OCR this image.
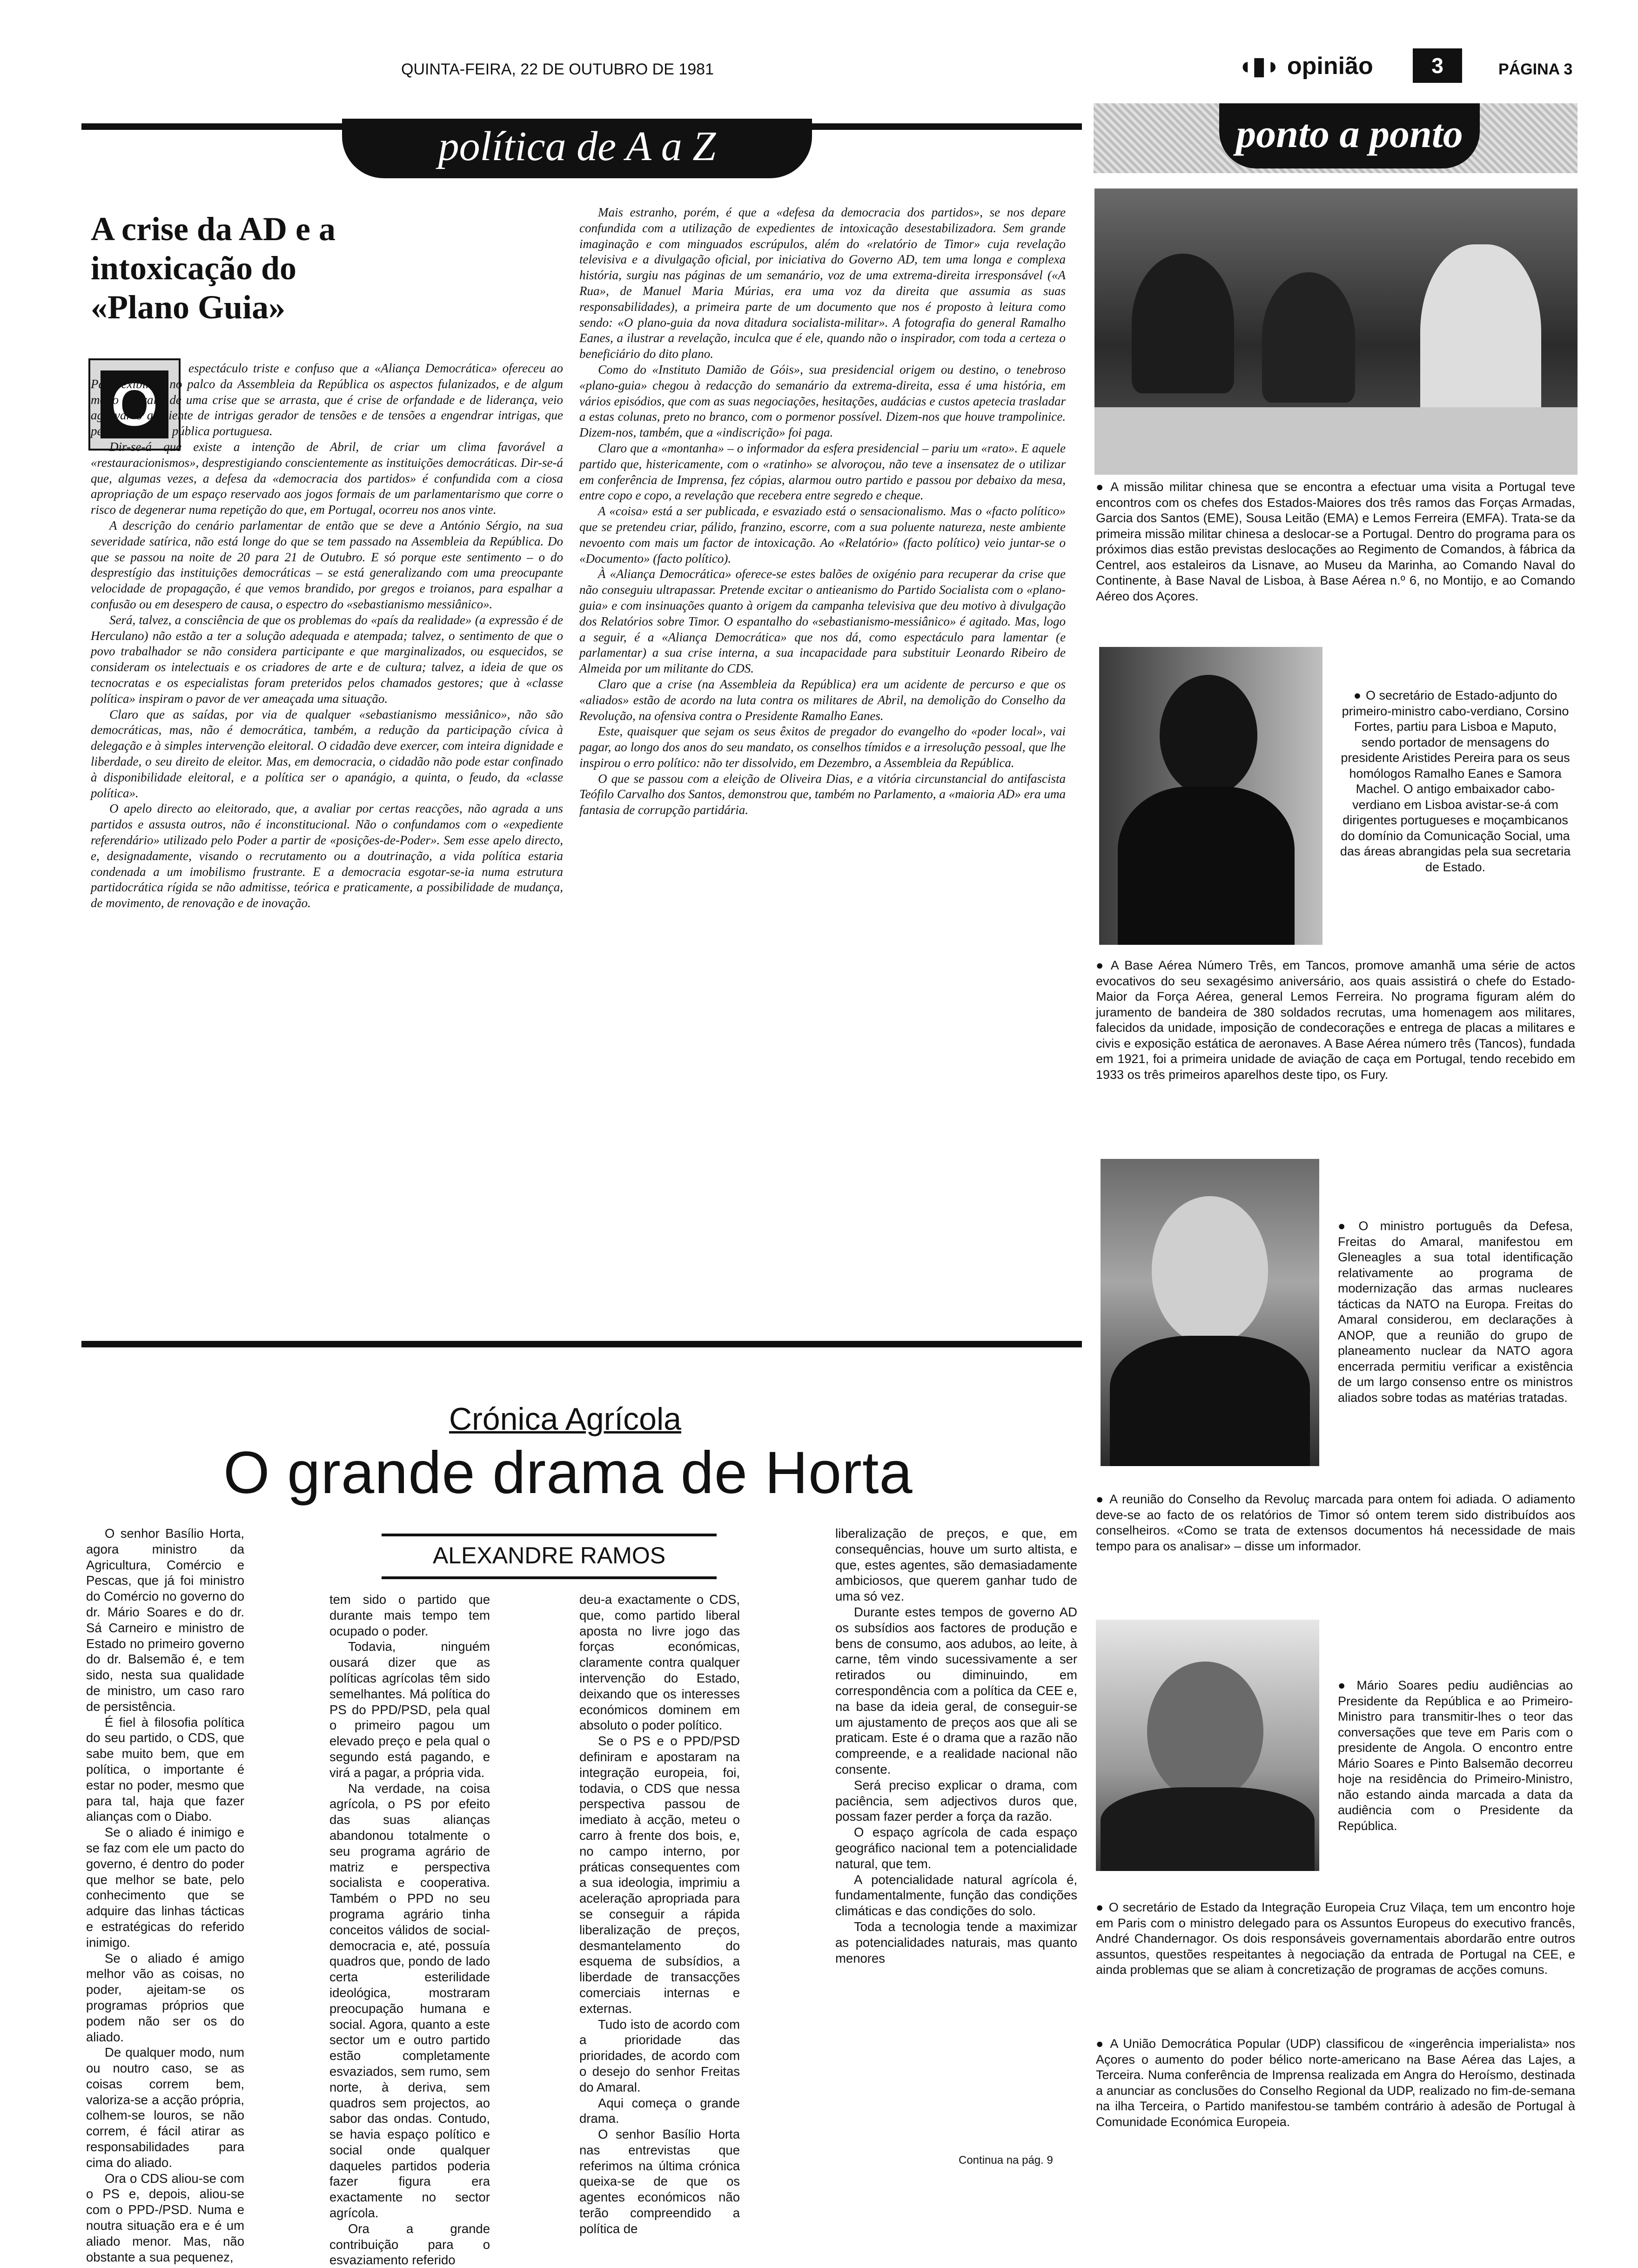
QUINTA-FEIRA, 22 DE OUTUBRO DE 1981	◖▮◗ opinião	3	PÁGINA 3
política de A a Z
A crise da AD e a intoxicação do «Plano Guia»
O

espectáculo triste e confuso que a «Aliança Democrática» ofereceu ao País, exibindo no palco da Assembleia da República os aspectos fulanizados, e de algum modo teatrais, de uma crise que se arrasta, que é crise de orfandade e de liderança, veio agravar o ambiente de intrigas gerador de tensões e de tensões a engendrar intrigas, que perturba a vida pública portuguesa.

Dir-se-á que existe a intenção de Abril, de criar um clima favorável a «restauracionismos», desprestigiando conscientemente as instituições democráticas. Dir-se-á que, algumas vezes, a defesa da «democracia dos partidos» é confundida com a ciosa apropriação de um espaço reservado aos jogos formais de um parlamentarismo que corre o risco de degenerar numa repetição do que, em Portugal, ocorreu nos anos vinte.

A descrição do cenário parlamentar de então que se deve a António Sérgio, na sua severidade satírica, não está longe do que se tem passado na Assembleia da República. Do que se passou na noite de 20 para 21 de Outubro. E só porque este sentimento – o do desprestígio das instituições democráticas – se está generalizando com uma preocupante velocidade de propagação, é que vemos brandido, por gregos e troianos, para espalhar a confusão ou em desespero de causa, o espectro do «sebastianismo messiânico».

Será, talvez, a consciência de que os problemas do «país da realidade» (a expressão é de Herculano) não estão a ter a solução adequada e atempada; talvez, o sentimento de que o povo trabalhador se não considera participante e que marginalizados, ou esquecidos, se consideram os intelectuais e os criadores de arte e de cultura; talvez, a ideia de que os tecnocratas e os especialistas foram preteridos pelos chamados gestores; que à «classe política» inspiram o pavor de ver ameaçada uma situação.

Claro que as saídas, por via de qualquer «sebastianismo messiânico», não são democráticas, mas, não é democrática, também, a redução da participação cívica à delegação e à simples intervenção eleitoral. O cidadão deve exercer, com inteira dignidade e liberdade, o seu direito de eleitor. Mas, em democracia, o cidadão não pode estar confinado à disponibilidade eleitoral, e a política ser o apanágio, a quinta, o feudo, da «classe política».

O apelo directo ao eleitorado, que, a avaliar por certas reacções, não agrada a uns partidos e assusta outros, não é inconstitucional. Não o confundamos com o «expediente referendário» utilizado pelo Poder a partir de «posições-de-Poder». Sem esse apelo directo, e, designadamente, visando o recrutamento ou a doutrinação, a vida política estaria condenada a um imobilismo frustrante. E a democracia esgotar-se-ia numa estrutura partidocrática rígida se não admitisse, teórica e praticamente, a possibilidade de mudança, de movimento, de renovação e de inovação.

Mais estranho, porém, é que a «defesa da democracia dos partidos», se nos depare confundida com a utilização de expedientes de intoxicação desestabilizadora. Sem grande imaginação e com minguados escrúpulos, além do «relatório de Timor» cuja revelação televisiva e a divulgação oficial, por iniciativa do Governo AD, tem uma longa e complexa história, surgiu nas páginas de um semanário, voz de uma extrema-direita irresponsável («A Rua», de Manuel Maria Múrias, era uma voz da direita que assumia as suas responsabilidades), a primeira parte de um documento que nos é proposto à leitura como sendo: «O plano-guia da nova ditadura socialista-militar». A fotografia do general Ramalho Eanes, a ilustrar a revelação, inculca que é ele, quando não o inspirador, com toda a certeza o beneficiário do dito plano.

Como do «Instituto Damião de Góis», sua presidencial origem ou destino, o tenebroso «plano-guia» chegou à redacção do semanário da extrema-direita, essa é uma história, em vários episódios, que com as suas negociações, hesitações, audácias e custos apetecia trasladar a estas colunas, preto no branco, com o pormenor possível. Dizem-nos que houve trampolinice. Dizem-nos, também, que a «indiscrição» foi paga.

Claro que a «montanha» – o informador da esfera presidencial – pariu um «rato». E aquele partido que, histericamente, com o «ratinho» se alvoroçou, não teve a insensatez de o utilizar em conferência de Imprensa, fez cópias, alarmou outro partido e passou por debaixo da mesa, entre copo e copo, a revelação que recebera entre segredo e cheque.

A «coisa» está a ser publicada, e esvaziado está o sensacionalismo. Mas o «facto político» que se pretendeu criar, pálido, franzino, escorre, com a sua poluente natureza, neste ambiente nevoento com mais um factor de intoxicação. Ao «Relatório» (facto político) veio juntar-se o «Documento» (facto político).

À «Aliança Democrática» oferece-se estes balões de oxigénio para recuperar da crise que não conseguiu ultrapassar. Pretende excitar o antieanismo do Partido Socialista com o «plano-guia» e com insinuações quanto à origem da campanha televisiva que deu motivo à divulgação dos Relatórios sobre Timor. O espantalho do «sebastianismo-messiânico» é agitado. Mas, logo a seguir, é a «Aliança Democrática» que nos dá, como espectáculo para lamentar (e parlamentar) a sua crise interna, a sua incapacidade para substituir Leonardo Ribeiro de Almeida por um militante do CDS.

Claro que a crise (na Assembleia da República) era um acidente de percurso e que os «aliados» estão de acordo na luta contra os militares de Abril, na demolição do Conselho da Revolução, na ofensiva contra o Presidente Ramalho Eanes.

Este, quaisquer que sejam os seus êxitos de pregador do evangelho do «poder local», vai pagar, ao longo dos anos do seu mandato, os conselhos tímidos e a irresolução pessoal, que lhe inspirou o erro político: não ter dissolvido, em Dezembro, a Assembleia da República.

O que se passou com a eleição de Oliveira Dias, e a vitória circunstancial do antifascista Teófilo Carvalho dos Santos, demonstrou que, também no Parlamento, a «maioria AD» era uma fantasia de corrupção partidária.

Crónica Agrícola
O grande drama de Horta
ALEXANDRE RAMOS

O senhor Basílio Horta, agora ministro da Agricultura, Comércio e Pescas, que já foi ministro do Comércio no governo do dr. Mário Soares e do dr. Sá Carneiro e ministro de Estado no primeiro governo do dr. Balsemão é, e tem sido, nesta sua qualidade de ministro, um caso raro de persistência.

É fiel à filosofia política do seu partido, o CDS, que sabe muito bem, que em política, o importante é estar no poder, mesmo que para tal, haja que fazer alianças com o Diabo.

Se o aliado é inimigo e se faz com ele um pacto do governo, é dentro do poder que melhor se bate, pelo conhecimento que se adquire das linhas tácticas e estratégicas do referido inimigo.

Se o aliado é amigo melhor vão as coisas, no poder, ajeitam-se os programas próprios que podem não ser os do aliado.

De qualquer modo, num ou noutro caso, se as coisas correm bem, valoriza-se a acção própria, colhem-se louros, se não correm, é fácil atirar as responsabilidades para cima do aliado.

Ora o CDS aliou-se com o PS e, depois, aliou-se com o PPD-/PSD. Numa e noutra situação era e é um aliado menor. Mas, não obstante a sua pequenez,

tem sido o partido que durante mais tempo tem ocupado o poder.

Todavia, ninguém ousará dizer que as políticas agrícolas têm sido semelhantes. Má política do PS do PPD/PSD, pela qual o primeiro pagou um elevado preço e pela qual o segundo está pagando, e virá a pagar, a própria vida.

Na verdade, na coisa agrícola, o PS por efeito das suas alianças abandonou totalmente o seu programa agrário de matriz e perspectiva socialista e cooperativa. Também o PPD no seu programa agrário tinha conceitos válidos de social-democracia e, até, possuía quadros que, pondo de lado certa esterilidade ideológica, mostraram preocupação humana e social. Agora, quanto a este sector um e outro partido estão completamente esvaziados, sem rumo, sem norte, à deriva, sem quadros sem projectos, ao sabor das ondas. Contudo, se havia espaço político e social onde qualquer daqueles partidos poderia fazer figura era exactamente no sector agrícola.

Ora a grande contribuição para o esvaziamento referido

deu-a exactamente o CDS, que, como partido liberal aposta no livre jogo das forças económicas, claramente contra qualquer intervenção do Estado, deixando que os interesses económicos dominem em absoluto o poder político.

Se o PS e o PPD/PSD definiram e apostaram na integração europeia, foi, todavia, o CDS que nessa perspectiva passou de imediato à acção, meteu o carro à frente dos bois, e, no campo interno, por práticas consequentes com a sua ideologia, imprimiu a aceleração apropriada para se conseguir a rápida liberalização de preços, desmantelamento do esquema de subsídios, a liberdade de transacções comerciais internas e externas.

Tudo isto de acordo com a prioridade das prioridades, de acordo com o desejo do senhor Freitas do Amaral.

Aqui começa o grande drama.

O senhor Basílio Horta nas entrevistas que referimos na última crónica queixa-se de que os agentes económicos não terão compreendido a política de

liberalização de preços, e que, em consequências, houve um surto altista, e que, estes agentes, são demasiadamente ambiciosos, que querem ganhar tudo de uma só vez.

Durante estes tempos de governo AD os subsídios aos factores de produção e bens de consumo, aos adubos, ao leite, à carne, têm vindo sucessivamente a ser retirados ou diminuindo, em correspondência com a política da CEE e, na base da ideia geral, de conseguir-se um ajustamento de preços aos que ali se praticam. Este é o drama que a razão não compreende, e a realidade nacional não consente.

Será preciso explicar o drama, com paciência, sem adjectivos duros que, possam fazer perder a força da razão.

O espaço agrícola de cada espaço geográfico nacional tem a potencialidade natural, que tem.

A potencialidade natural agrícola é, fundamentalmente, função das condições climáticas e das condições do solo.

Toda a tecnologia tende a maximizar as potencialidades naturais, mas quanto menores

Continua na pág. 9
ponto a ponto

● A missão militar chinesa que se encontra a efectuar uma visita a Portugal teve encontros com os chefes dos Estados-Maiores dos três ramos das Forças Armadas, Garcia dos Santos (EME), Sousa Leitão (EMA) e Lemos Ferreira (EMFA). Trata-se da primeira missão militar chinesa a deslocar-se a Portugal. Dentro do programa para os próximos dias estão previstas deslocações ao Regimento de Comandos, à fábrica da Centrel, aos estaleiros da Lisnave, ao Museu da Marinha, ao Comando Naval do Continente, à Base Naval de Lisboa, à Base Aérea n.º 6, no Montijo, e ao Comando Aéreo dos Açores.

● O secretário de Estado-adjunto do primeiro-ministro cabo-verdiano, Corsino Fortes, partiu para Lisboa e Maputo, sendo portador de mensagens do presidente Aristides Pereira para os seus homólogos Ramalho Eanes e Samora Machel. O antigo embaixador cabo-verdiano em Lisboa avistar-se-á com dirigentes portugueses e moçambicanos do domínio da Comunicação Social, uma das áreas abrangidas pela sua secretaria de Estado.

● A Base Aérea Número Três, em Tancos, promove amanhã uma série de actos evocativos do seu sexagésimo aniversário, aos quais assistirá o chefe do Estado-Maior da Força Aérea, general Lemos Ferreira. No programa figuram além do juramento de bandeira de 380 soldados recrutas, uma homenagem aos militares, falecidos da unidade, imposição de condecorações e entrega de placas a militares e civis e exposição estática de aeronaves. A Base Aérea número três (Tancos), fundada em 1921, foi a primeira unidade de aviação de caça em Portugal, tendo recebido em 1933 os três primeiros aparelhos deste tipo, os Fury.

● O ministro português da Defesa, Freitas do Amaral, manifestou em Gleneagles a sua total identificação relativamente ao programa de modernização das armas nucleares tácticas da NATO na Europa. Freitas do Amaral considerou, em declarações à ANOP, que a reunião do grupo de planeamento nuclear da NATO agora encerrada permitiu verificar a existência de um largo consenso entre os ministros aliados sobre todas as matérias tratadas.

● A reunião do Conselho da Revoluç marcada para ontem foi adiada. O adiamento deve-se ao facto de os relatórios de Timor só ontem terem sido distribuídos aos conselheiros. «Como se trata de extensos documentos há necessidade de mais tempo para os analisar» – disse um informador.

● Mário Soares pediu audiências ao Presidente da República e ao Primeiro-Ministro para transmitir-lhes o teor das conversações que teve em Paris com o presidente de Angola. O encontro entre Mário Soares e Pinto Balsemão decorreu hoje na residência do Primeiro-Ministro, não estando ainda marcada a data da audiência com o Presidente da República.

● O secretário de Estado da Integração Europeia Cruz Vilaça, tem um encontro hoje em Paris com o ministro delegado para os Assuntos Europeus do executivo francês, André Chandernagor. Os dois responsáveis governamentais abordarão entre outros assuntos, questões respeitantes à negociação da entrada de Portugal na CEE, e ainda problemas que se aliam à concretização de programas de acções comuns.

● A União Democrática Popular (UDP) classificou de «ingerência imperialista» nos Açores o aumento do poder bélico norte-americano na Base Aérea das Lajes, a Terceira. Numa conferência de Imprensa realizada em Angra do Heroísmo, destinada a anunciar as conclusões do Conselho Regional da UDP, realizado no fim-de-semana na ilha Terceira, o Partido manifestou-se também contrário à adesão de Portugal à Comunidade Económica Europeia.
